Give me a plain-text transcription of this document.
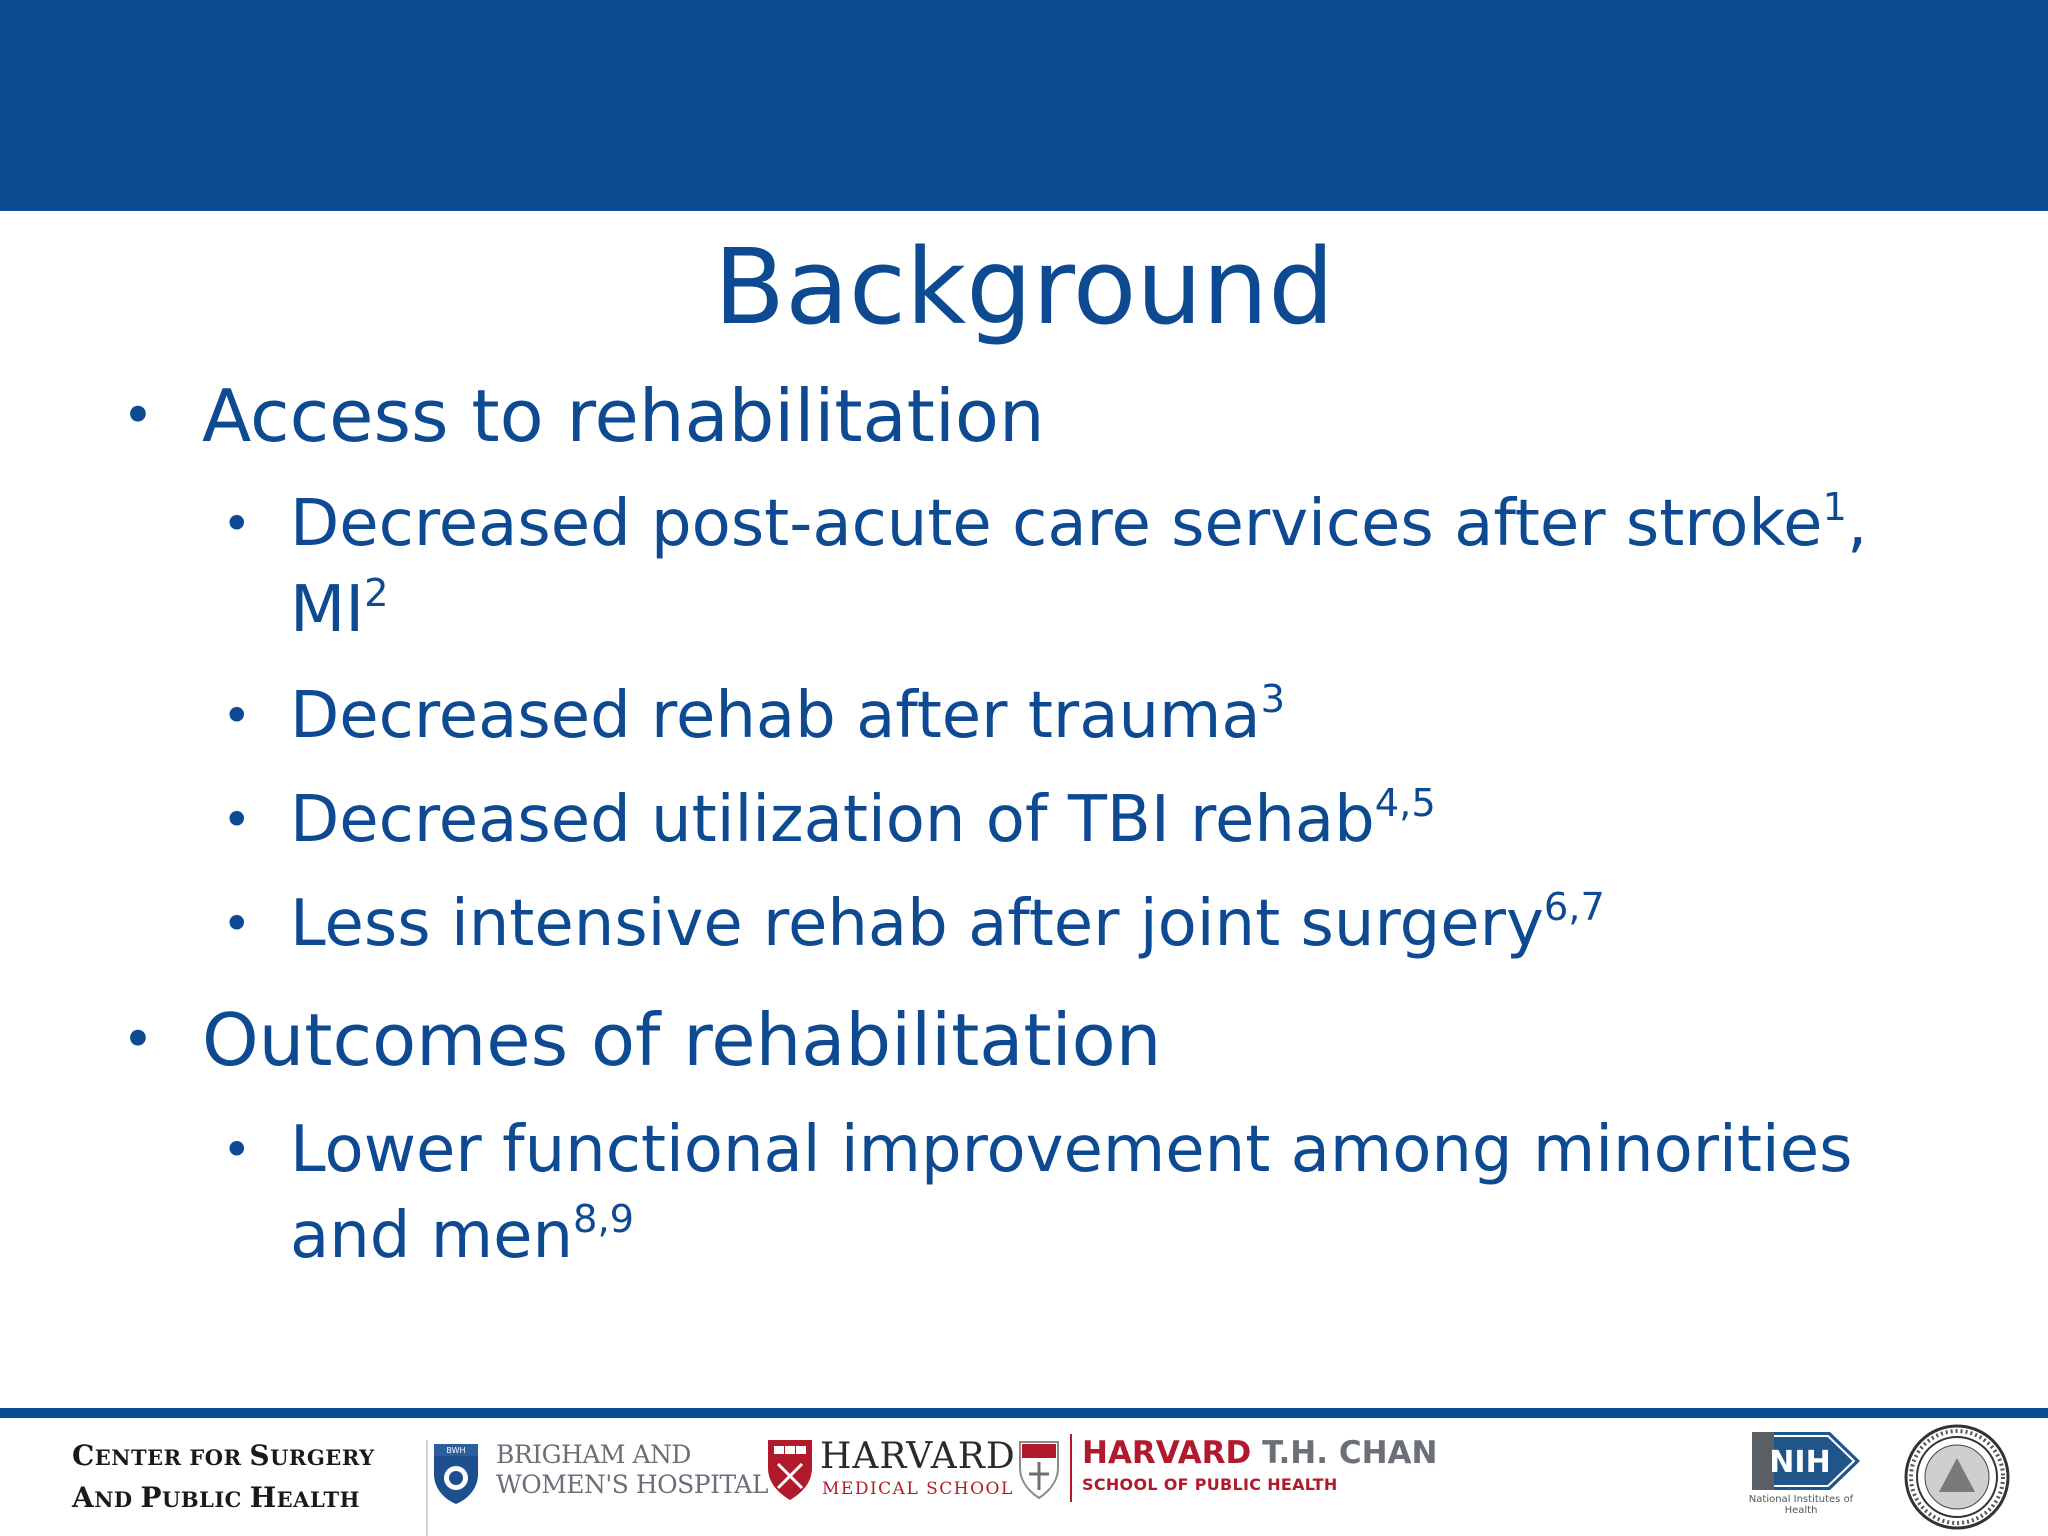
Background
• Access to rehabilitation
• Decreased post-acute care services after stroke$^1$,
$MI^2$
• Decreased rehab after trauma$^3$
• Decreased utilization of TBI rehab$^{4,5}$
• Less intensive rehab after joint surgery$^{6,7}$
• Outcomes of rehabilitation
• Lower functional improvement among minorities
and men$^{8,9}$
CENTER FOR SURGERY
AND PUBLIC HEALTH
BWH BRIGHAM AND
WOMEN'S HOSPITAL
HARVARD
MEDICAL SCHOOL
HARVARD T.H. CHAN
SCHOOL OF PUBLIC HEALTH
NIH
National Institutes of Health
